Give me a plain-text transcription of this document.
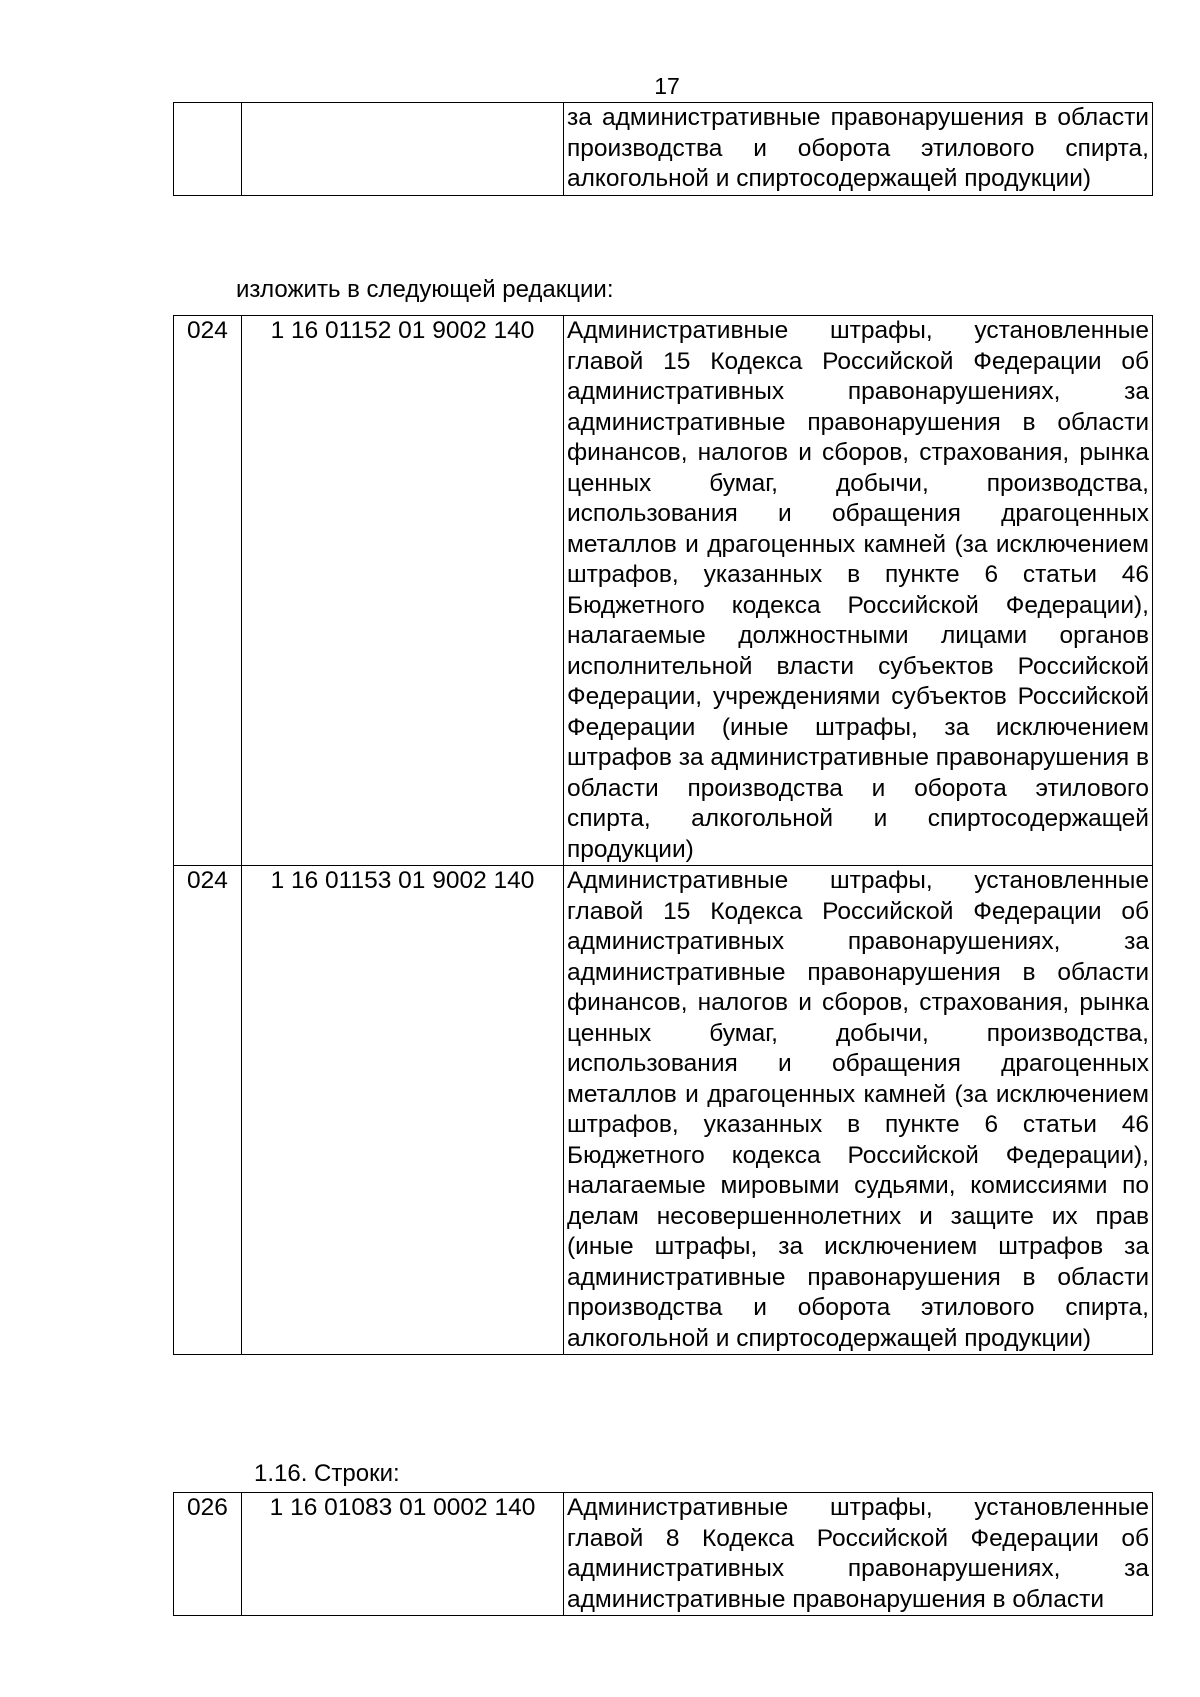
17
		за административные правонарушения в области производства и оборота этилового спирта, алкогольной и спиртосодержащей продукции)
изложить в следующей редакции:
024	1 16 01152 01 9002 140	Административные штрафы, установленные главой 15 Кодекса Российской Федерации об административных правонарушениях, за административные правонарушения в области финансов, налогов и сборов, страхования, рынка ценных бумаг, добычи, производства, использования и обращения драгоценных металлов и драгоценных камней (за исключением штрафов, указанных в пункте 6 статьи 46 Бюджетного кодекса Российской Федерации), налагаемые должностными лицами органов исполнительной власти субъектов Российской Федерации, учреждениями субъектов Российской Федерации (иные штрафы, за исключением штрафов за административные правонарушения в области производства и оборота этилового спирта, алкогольной и спиртосодержащей продукции)
024	1 16 01153 01 9002 140	Административные штрафы, установленные главой 15 Кодекса Российской Федерации об административных правонарушениях, за административные правонарушения в области финансов, налогов и сборов, страхования, рынка ценных бумаг, добычи, производства, использования и обращения драгоценных металлов и драгоценных камней (за исключением штрафов, указанных в пункте 6 статьи 46 Бюджетного кодекса Российской Федерации), налагаемые мировыми судьями, комиссиями по делам несовершеннолетних и защите их прав (иные штрафы, за исключением штрафов за административные правонарушения в области производства и оборота этилового спирта, алкогольной и спиртосодержащей продукции)
1.16. Строки:
026	1 16 01083 01 0002 140	Административные штрафы, установленные главой 8 Кодекса Российской Федерации об административных правонарушениях, за административные правонарушения в области
